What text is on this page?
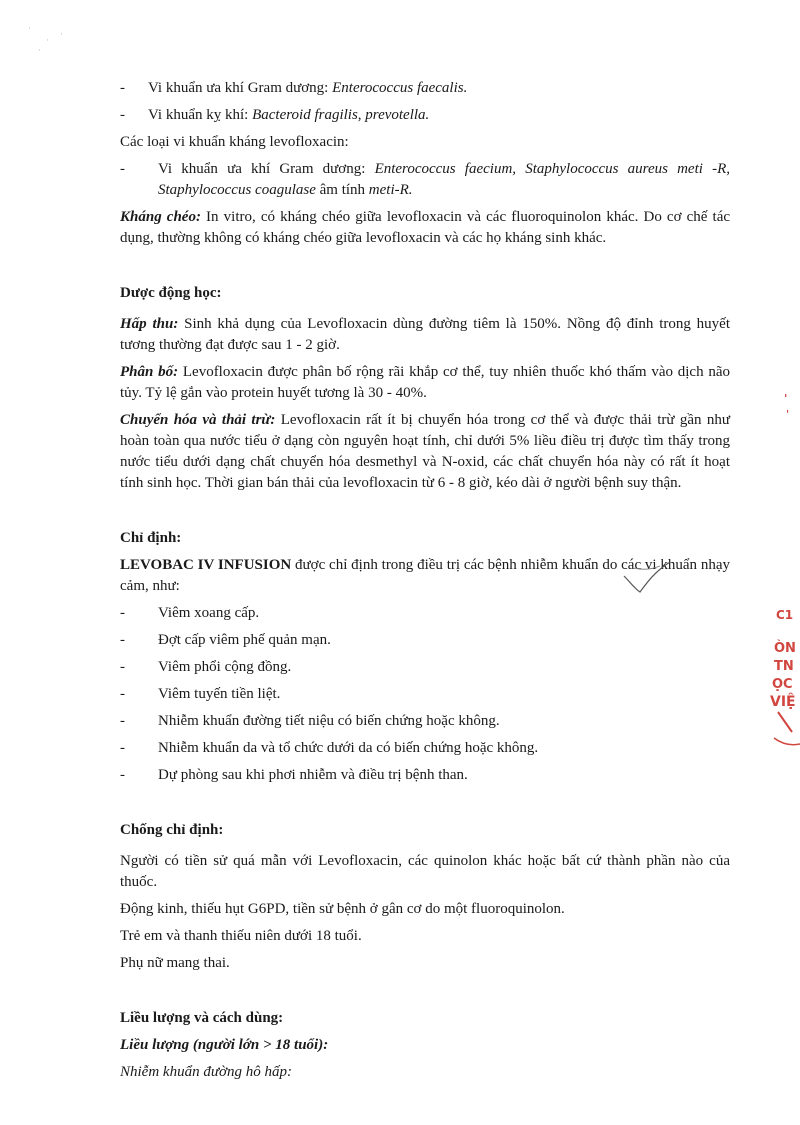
- Vi khuẩn ưa khí Gram dương: Enterococcus faecalis.

- Vi khuẩn kỵ khí: Bacteroid fragilis, prevotella.

Các loại vi khuẩn kháng levofloxacin:

- Vi khuẩn ưa khí Gram dương: Enterococcus faecium, Staphylococcus aureus meti -R, Staphylococcus coagulase âm tính meti-R.

Kháng chéo: In vitro, có kháng chéo giữa levofloxacin và các fluoroquinolon khác. Do cơ chế tác dụng, thường không có kháng chéo giữa levofloxacin và các họ kháng sinh khác.

Dược động học:

Hấp thu: Sinh khả dụng của Levofloxacin dùng đường tiêm là 150%. Nồng độ đỉnh trong huyết tương thường đạt được sau 1 - 2 giờ.

Phân bố: Levofloxacin được phân bố rộng rãi khắp cơ thể, tuy nhiên thuốc khó thấm vào dịch não tủy. Tỷ lệ gắn vào protein huyết tương là 30 - 40%.

Chuyển hóa và thải trừ: Levofloxacin rất ít bị chuyển hóa trong cơ thể và được thải trừ gần như hoàn toàn qua nước tiểu ở dạng còn nguyên hoạt tính, chỉ dưới 5% liều điều trị được tìm thấy trong nước tiểu dưới dạng chất chuyển hóa desmethyl và N-oxid, các chất chuyển hóa này có rất ít hoạt tính sinh học. Thời gian bán thải của levofloxacin từ 6 - 8 giờ, kéo dài ở người bệnh suy thận.

Chỉ định:

LEVOBAC IV INFUSION được chỉ định trong điều trị các bệnh nhiễm khuẩn do các vi khuẩn nhạy cảm, như:

- Viêm xoang cấp.

- Đợt cấp viêm phế quản mạn.

- Viêm phổi cộng đồng.

- Viêm tuyến tiền liệt.

- Nhiễm khuẩn đường tiết niệu có biến chứng hoặc không.

- Nhiễm khuẩn da và tổ chức dưới da có biến chứng hoặc không.

- Dự phòng sau khi phơi nhiễm và điều trị bệnh than.

Chống chỉ định:

Người có tiền sử quá mẫn với Levofloxacin, các quinolon khác hoặc bất cứ thành phần nào của thuốc.

Động kinh, thiếu hụt G6PD, tiền sử bệnh ở gân cơ do một fluoroquinolon.

Trẻ em và thanh thiếu niên dưới 18 tuổi.

Phụ nữ mang thai.

Liều lượng và cách dùng:

Liều lượng (người lớn > 18 tuổi):

Nhiễm khuẩn đường hô hấp:

·
·
·
·
'
'
C1
ÒN
TN
ỌC
VIỆ
